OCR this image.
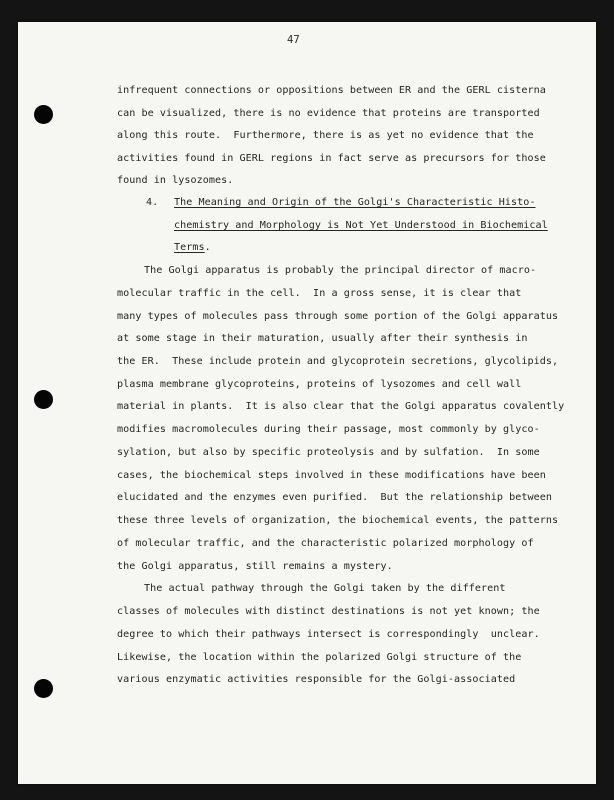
47
infrequent connections or oppositions between ER and the GERL cisternа
can be visualized, there is no evidence that proteins are transported
along this route.  Furthermore, there is as yet no evidence that the
activities found in GERL regions in fact serve as precursors for those
found in lysozomes.
4. The Meaning and Origin of the Golgi's Characteristic Histo-
chemistry and Morphology is Not Yet Understood in Biochemical
Terms.
The Golgi apparatus is probably the principal director of macro-
molecular traffic in the cell.  In a gross sense, it is clear that
many types of molecules pass through some portion of the Golgi apparatus
at some stage in their maturation, usually after their synthesis in
the ER.  These include protein and glycoprotein secretions, glycolipids,
plasma membrane glycoproteins, proteins of lysozomes and cell wall
material in plants.  It is also clear that the Golgi apparatus covalently
modifies macromolecules during their passage, most commonly by glyco-
sylation, but also by specific proteolysis and by sulfation.  In some
cases, the biochemical steps involved in these modifications have been
elucidated and the enzymes even purified.  But the relationship between
these three levels of organization, the biochemical events, the patterns
of molecular traffic, and the characteristic polarized morphology of
the Golgi apparatus, still remains a mystery.
The actual pathway through the Golgi taken by the different
classes of molecules with distinct destinations is not yet known; the
degree to which their pathways intersect is correspondingly  unclear.
Likewise, the location within the polarized Golgi structure of the
various enzymatic activities responsible for the Golgi-associated
